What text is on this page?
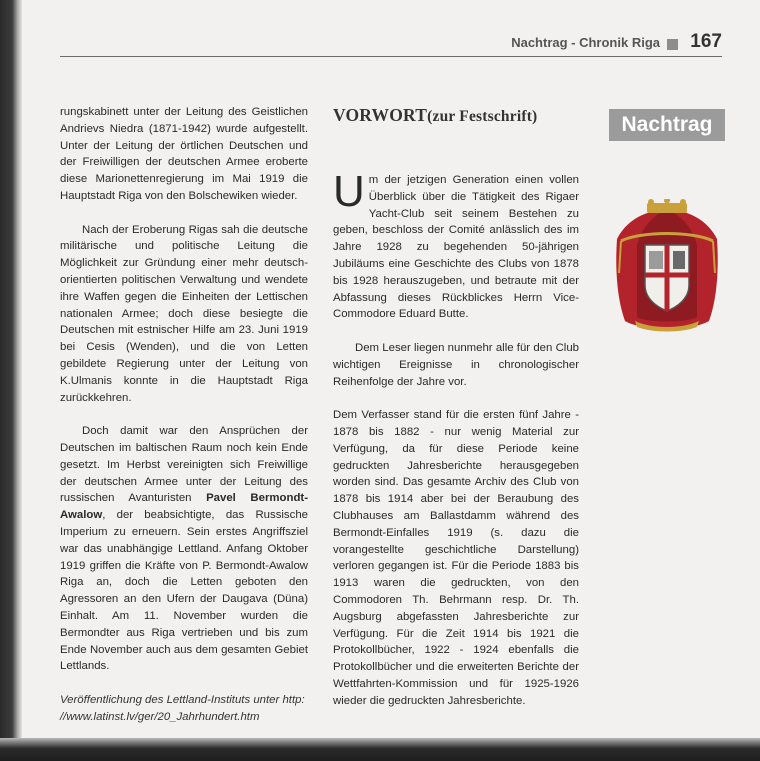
Nachtrag - Chronik Riga 167

rungskabinett unter der Leitung des Geistlichen Andrievs Niedra (1871-1942) wurde aufgestellt. Unter der Leitung der örtlichen Deutschen und der Freiwilligen der deutschen Armee eroberte diese Marionettenregierung im Mai 1919 die Hauptstadt Riga von den Bolschewiken wieder.

Nach der Eroberung Rigas sah die deutsche militärische und politische Leitung die Möglichkeit zur Gründung einer mehr deutsch-orientierten politischen Verwaltung und wendete ihre Waffen gegen die Einheiten der Lettischen nationalen Armee; doch diese besiegte die Deutschen mit estnischer Hilfe am 23. Juni 1919 bei Cesis (Wenden), und die von Letten gebildete Regierung unter der Leitung von K.Ulmanis konnte in die Hauptstadt Riga zurückkehren.

Doch damit war den Ansprüchen der Deutschen im baltischen Raum noch kein Ende gesetzt. Im Herbst vereinigten sich Freiwillige der deutschen Armee unter der Leitung des russischen Avanturisten Pavel Bermondt-Awalow, der beabsichtigte, das Russische Imperium zu erneuern. Sein erstes Angriffsziel war das unabhängige Lettland. Anfang Oktober 1919 griffen die Kräfte von P. Bermondt-Awalow Riga an, doch die Letten geboten den Agressoren an den Ufern der Daugava (Düna) Einhalt. Am 11. November wurden die Bermondter aus Riga vertrieben und bis zum Ende November auch aus dem gesamten Gebiet Lettlands.

Veröffentlichung des Lettland-Instituts unter http:
//www.latinst.lv/ger/20_Jahrhundert.htm

VORWORT(zur Festschrift)

Um der jetzigen Generation einen vollen Überblick über die Tätigkeit des Rigaer Yacht-Club seit seinem Bestehen zu geben, beschloss der Comité anlässlich des im Jahre 1928 zu begehenden 50-jährigen Jubiläums eine Geschichte des Clubs von 1878 bis 1928 herauszugeben, und betraute mit der Abfassung dieses Rückblickes Herrn Vice-Commodore Eduard Butte.

Dem Leser liegen nunmehr alle für den Club wichtigen Ereignisse in chronologischer Reihenfolge der Jahre vor.

Dem Verfasser stand für die ersten fünf Jahre - 1878 bis 1882 - nur wenig Material zur Verfügung, da für diese Periode keine gedruckten Jahresberichte herausgegeben worden sind. Das gesamte Archiv des Club von 1878 bis 1914 aber bei der Beraubung des Clubhauses am Ballastdamm während des Bermondt-Einfalles 1919 (s. dazu die vorangestellte geschichtliche Darstellung) verloren gegangen ist. Für die Periode 1883 bis 1913 waren die gedruckten, von den Commodoren Th. Behrmann resp. Dr. Th. Augsburg abgefassten Jahresberichte zur Verfügung. Für die Zeit 1914 bis 1921 die Protokollbücher, 1922 - 1924 ebenfalls die Protokollbücher und die erweiterten Berichte der Wettfahrten-Kommission und für 1925-1926 wieder die gedruckten Jahresberichte.

Nachtrag
